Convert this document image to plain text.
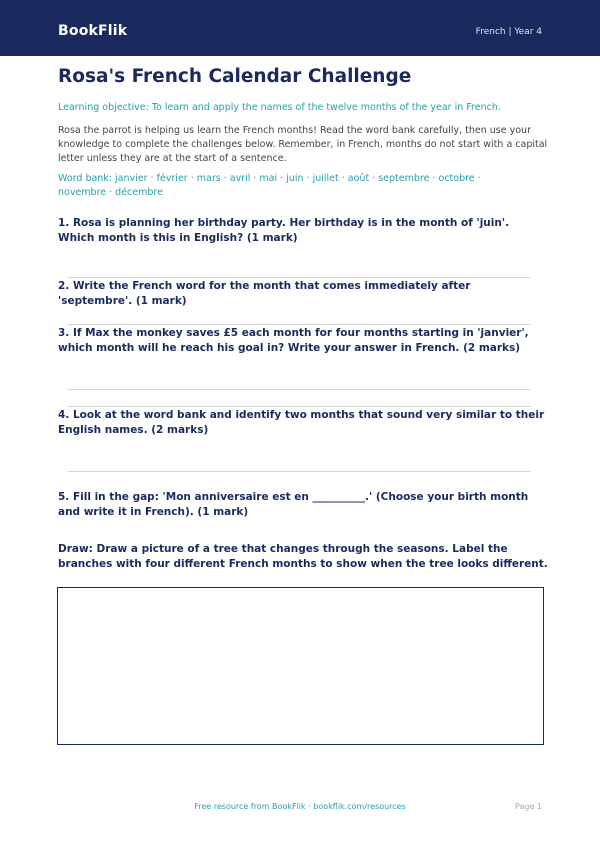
BookFlik	French | Year 4
Rosa's French Calendar Challenge
Learning objective: To learn and apply the names of the twelve months of the year in French.
Rosa the parrot is helping us learn the French months! Read the word bank carefully, then use your knowledge to complete the challenges below. Remember, in French, months do not start with a capital letter unless they are at the start of a sentence.
Word bank: janvier · février · mars · avril · mai · juin · juillet · août · septembre · octobre · novembre · décembre
1. Rosa is planning her birthday party. Her birthday is in the month of 'juin'. Which month is this in English? (1 mark)
2. Write the French word for the month that comes immediately after 'septembre'. (1 mark)
3. If Max the monkey saves £5 each month for four months starting in 'janvier', which month will he reach his goal in? Write your answer in French. (2 marks)
4. Look at the word bank and identify two months that sound very similar to their English names. (2 marks)
5. Fill in the gap: 'Mon anniversaire est en __________.' (Choose your birth month and write it in French). (1 mark)
Draw: Draw a picture of a tree that changes through the seasons. Label the branches with four different French months to show when the tree looks different.
Free resource from BookFlik · bookflik.com/resources	Page 1
